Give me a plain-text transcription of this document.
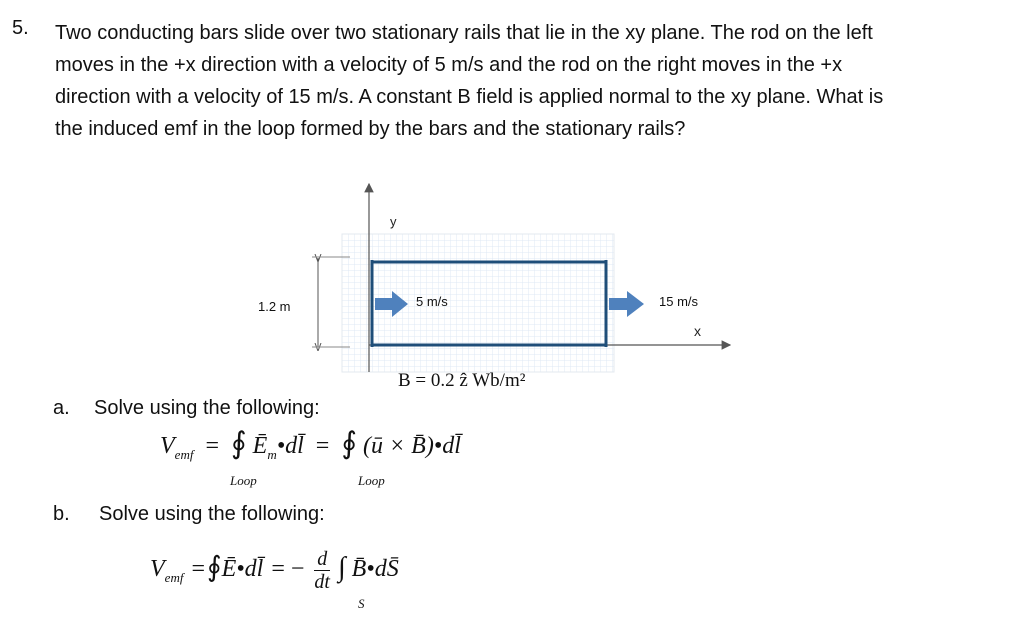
5. Two conducting bars slide over two stationary rails that lie in the xy plane. The rod on the left
moves in the +x direction with a velocity of 5 m/s and the rod on the right moves in the +x
direction with a velocity of 15 m/s. A constant B field is applied normal to the xy plane. What is
the induced emf in the loop formed by the bars and the stationary rails?
y
x
5 m/s	15 m/s
1.2 m
B = 0.2 ẑ Wb/m²
a. Solve using the following:
$V_{emf}$ = ∮ $Ē_m•dl̄$ = ∮ (ū × B̄)•dl̄
Loop	Loop
b. Solve using the following:
$V_{emf}$ =∮Ē•dl̄ = − $\frac{d}{dt}$ ∫ B̄•dS̄
S
